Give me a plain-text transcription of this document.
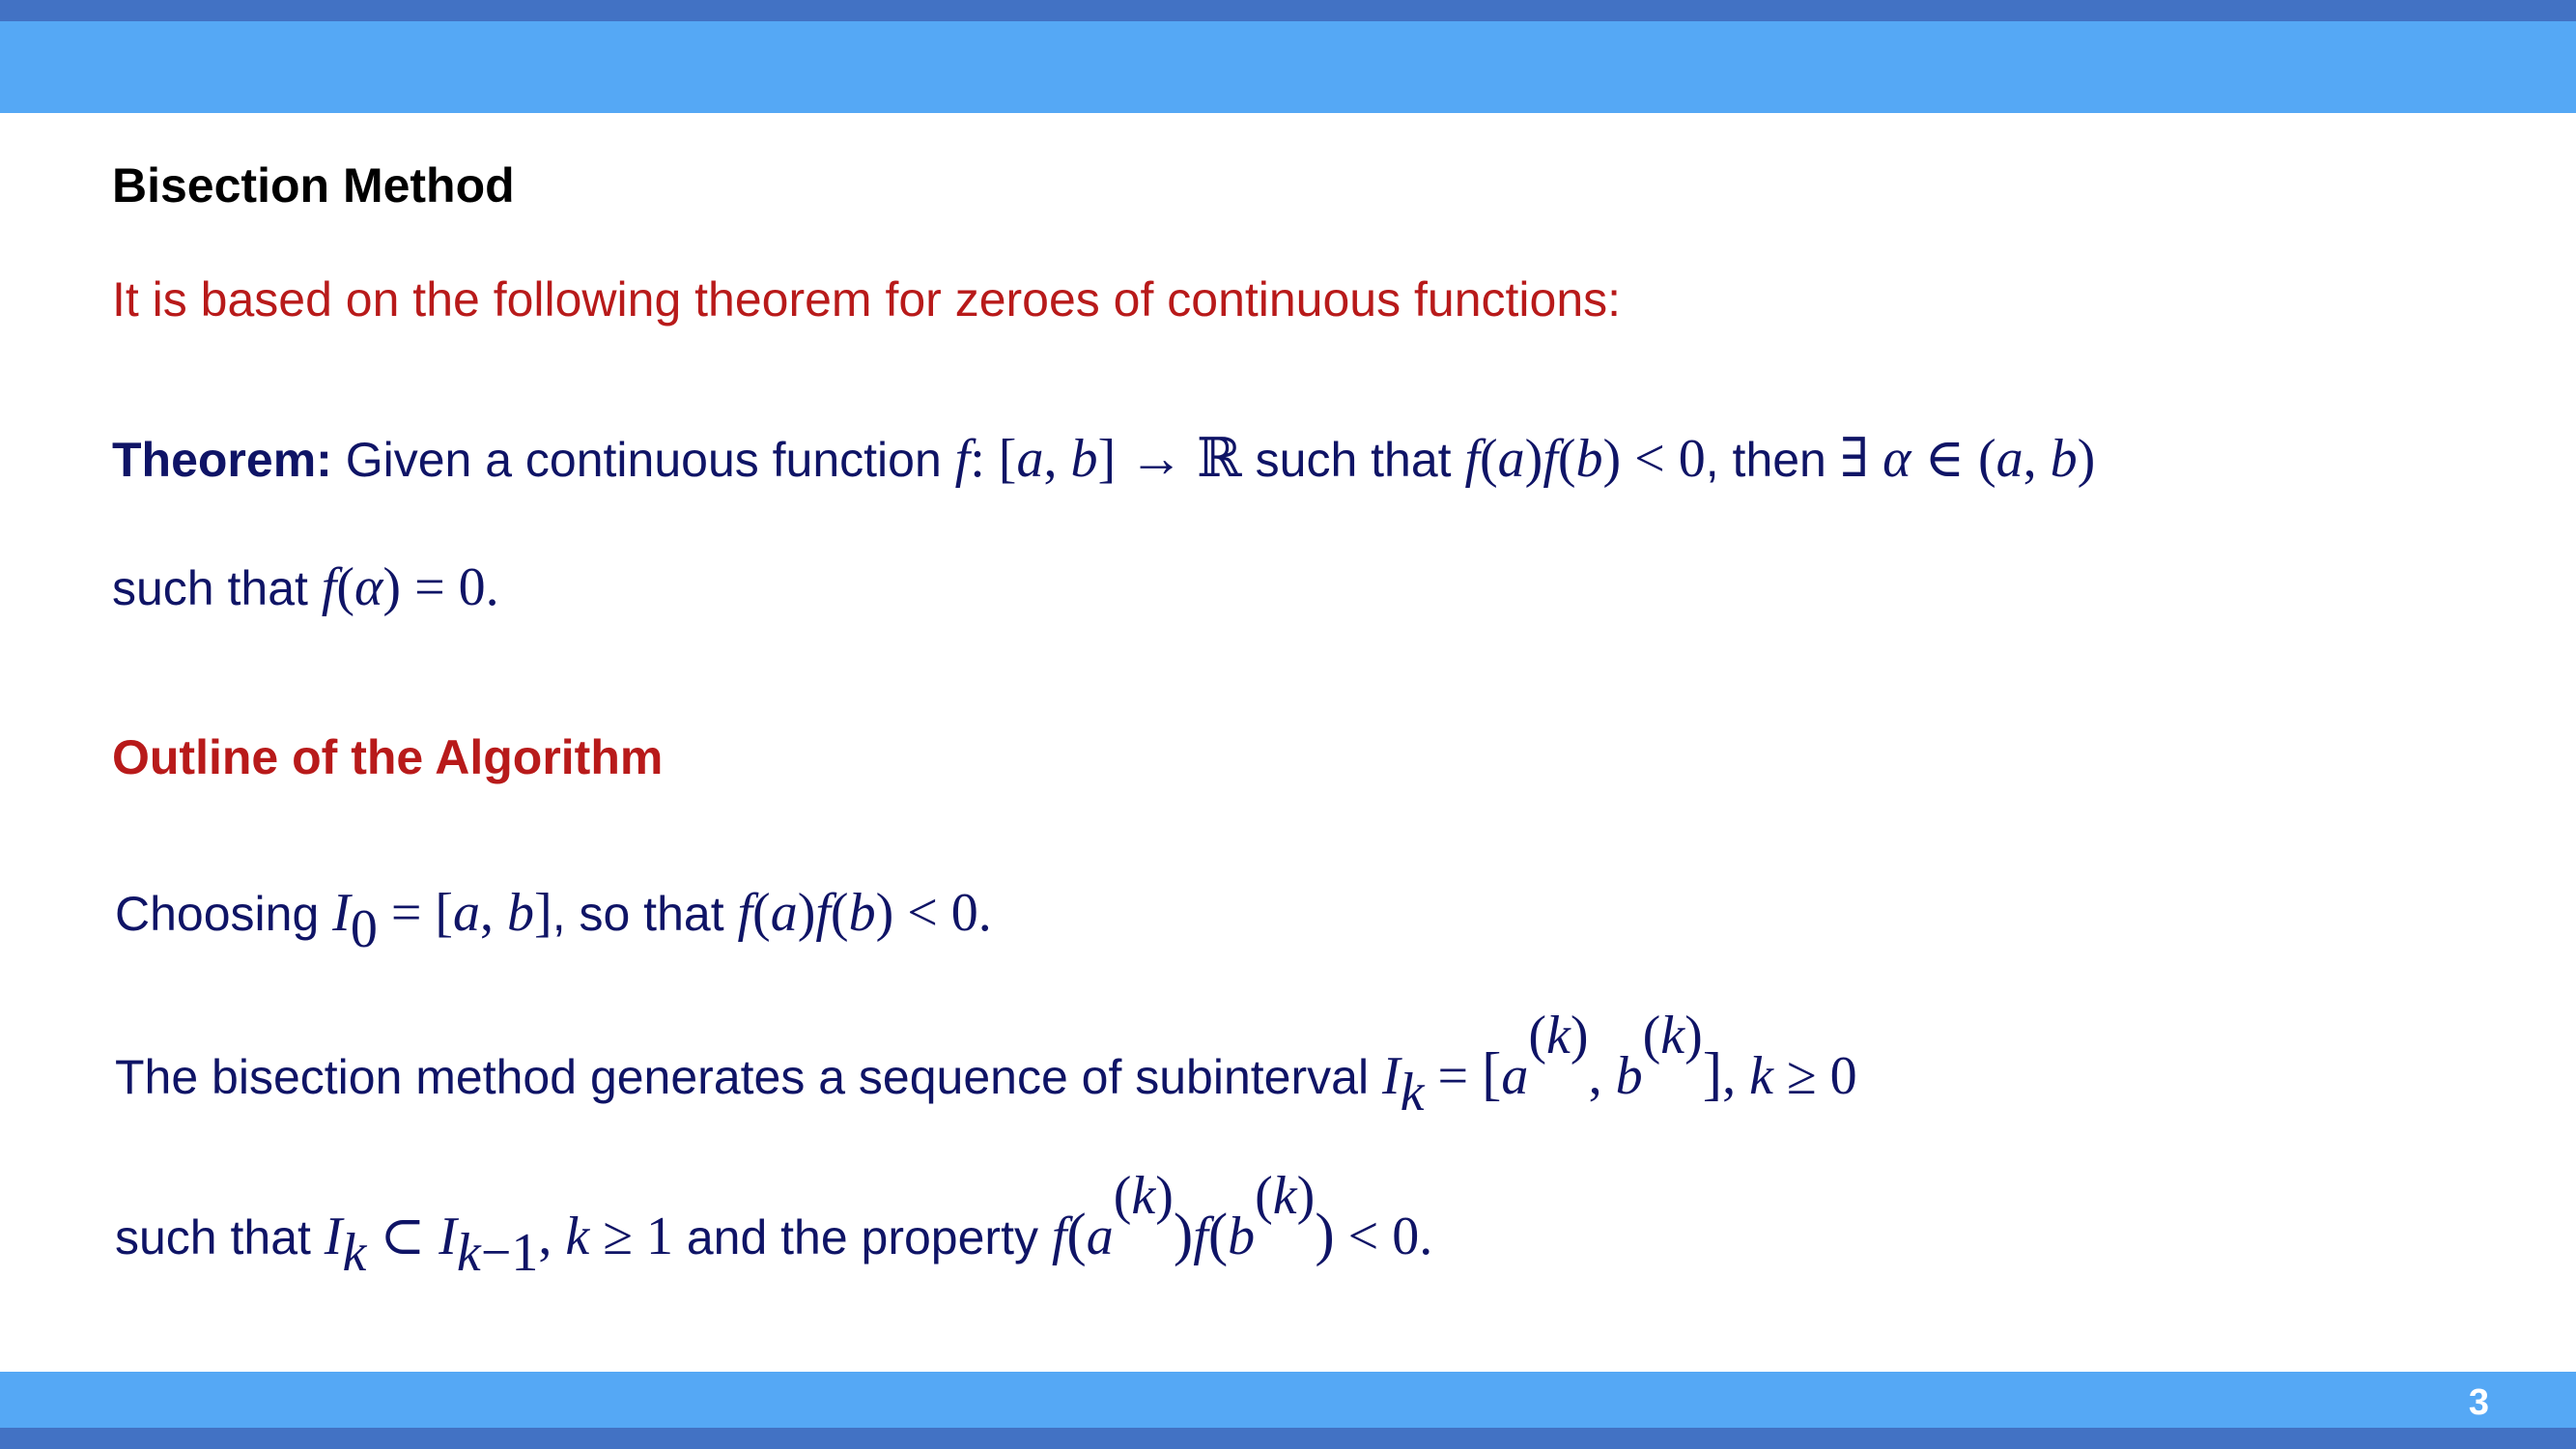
Bisection Method
It is based on the following theorem for zeroes of continuous functions:
Theorem: Given a continuous function f: [a, b] → ℝ such that f(a)f(b) < 0, then ∃ α ∈ (a, b)
such that f(α) = 0.
Outline of the Algorithm
Choosing $I_0 = [a$, b], so that f(a)f(b) < 0.
The bisection method generates a sequence of subinterval $I_k = [a^{(k)}$, $b^{(k)}$], k ≥ 0
such that $I_k$ ⊂ $I_{k-1}$, k ≥ 1 and the property $f(a^{(k)})f(b^{(k)}) < 0$.
3
